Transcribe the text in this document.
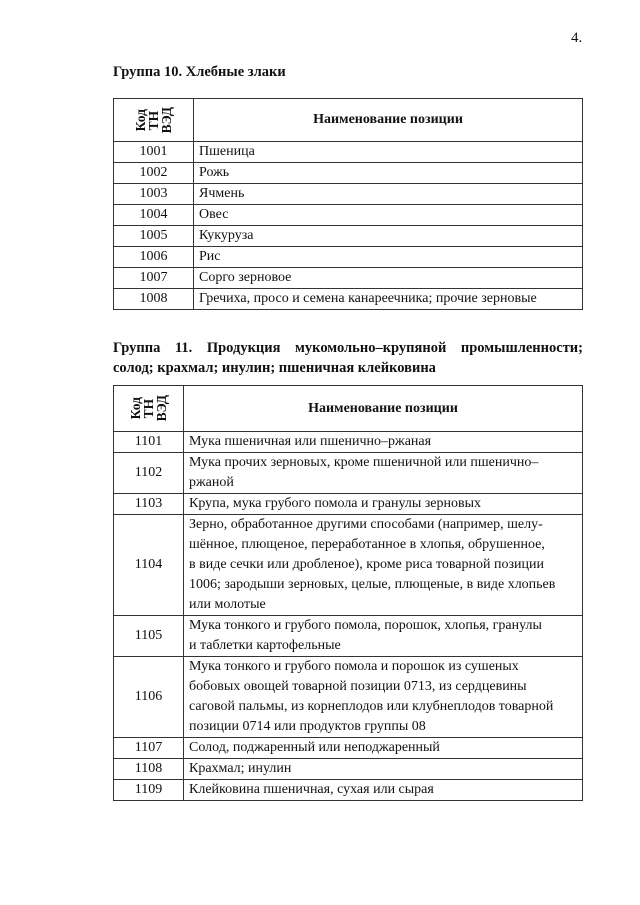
4.
Группа 10. Хлебные злаки
Код
ТН
ВЭД	Наименование позиции
1001	Пшеница
1002	Рожь
1003	Ячмень
1004	Овес
1005	Кукуруза
1006	Рис
1007	Сорго зерновое
1008	Гречиха, просо и семена канареечника; прочие зерновые
Группа 11. Продукция мукомольно–крупяной промышленности; солод; крахмал; инулин; пшеничная клейковина
Код
ТН
ВЭД	Наименование позиции
1101	Мука пшеничная или пшенично–ржаная
1102	Мука прочих зерновых, кроме пшеничной или пшенично–
ржаной
1103	Крупа, мука грубого помола и гранулы зерновых
1104	Зерно, обработанное другими способами (например, шелу-
шённое, плющеное, переработанное в хлопья, обрушенное,
в виде сечки или дробленое), кроме риса товарной позиции
1006; зародыши зерновых, целые, плющеные, в виде хлопьев
или молотые
1105	Мука тонкого и грубого помола, порошок, хлопья, гранулы
и таблетки картофельные
1106	Мука тонкого и грубого помола и порошок из сушеных
бобовых овощей товарной позиции 0713, из сердцевины
саговой пальмы, из корнеплодов или клубнеплодов товарной
позиции 0714 или продуктов группы 08
1107	Солод, поджаренный или неподжаренный
1108	Крахмал; инулин
1109	Клейковина пшеничная, сухая или сырая
